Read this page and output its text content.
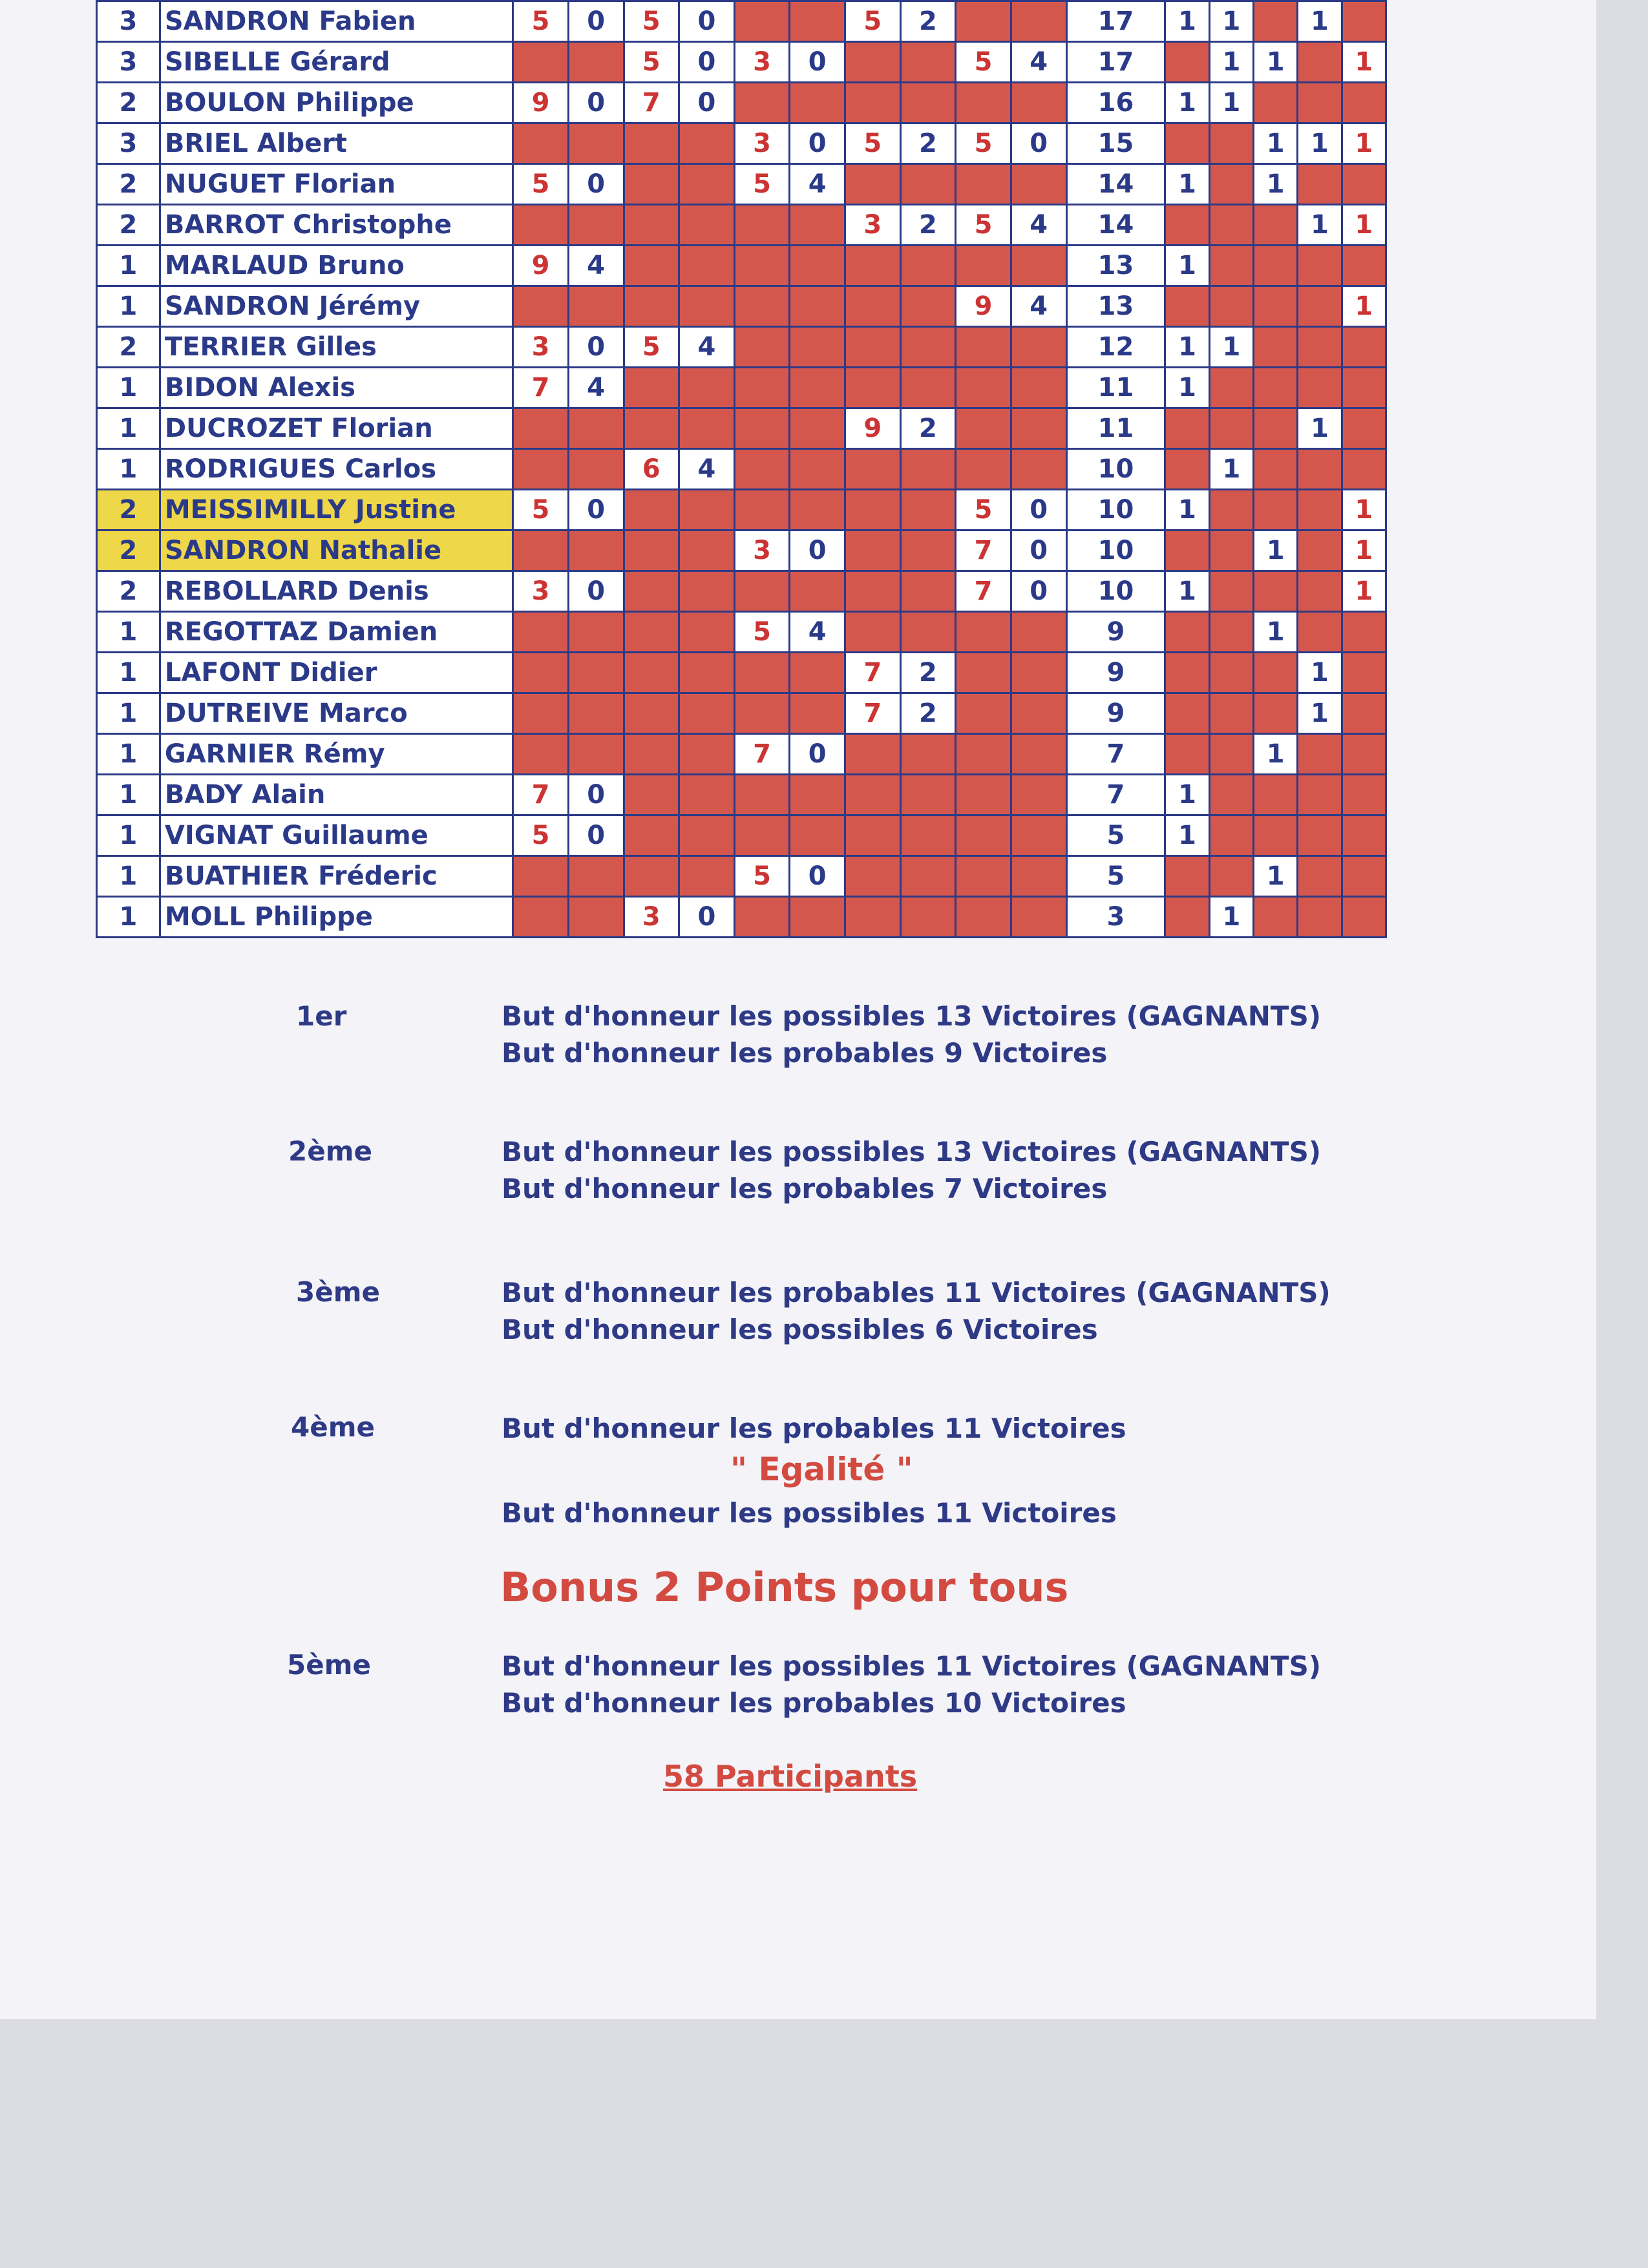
3	SANDRON Fabien	5	0	5	0			5	2			17	1	1		1	
3	SIBELLE Gérard			5	0	3	0			5	4	17		1	1		1
2	BOULON Philippe	9	0	7	0							16	1	1			
3	BRIEL Albert					3	0	5	2	5	0	15			1	1	1
2	NUGUET Florian	5	0			5	4					14	1		1		
2	BARROT Christophe							3	2	5	4	14				1	1
1	MARLAUD Bruno	9	4									13	1				
1	SANDRON Jérémy									9	4	13					1
2	TERRIER Gilles	3	0	5	4							12	1	1			
1	BIDON Alexis	7	4									11	1				
1	DUCROZET Florian							9	2			11				1	
1	RODRIGUES Carlos			6	4							10		1			
2	MEISSIMILLY Justine	5	0							5	0	10	1				1
2	SANDRON Nathalie					3	0			7	0	10			1		1
2	REBOLLARD Denis	3	0							7	0	10	1				1
1	REGOTTAZ Damien					5	4					9			1		
1	LAFONT Didier							7	2			9				1	
1	DUTREIVE Marco							7	2			9				1	
1	GARNIER Rémy					7	0					7			1		
1	BADY Alain	7	0									7	1				
1	VIGNAT Guillaume	5	0									5	1				
1	BUATHIER Fréderic					5	0					5			1		
1	MOLL Philippe			3	0							3		1			
1er	But d'honneur les possibles 13 Victoires (GAGNANTS)
But d'honneur les probables 9 Victoires
2ème	But d'honneur les possibles 13 Victoires (GAGNANTS)
But d'honneur les probables 7 Victoires
3ème	But d'honneur les probables 11 Victoires (GAGNANTS)
But d'honneur les possibles 6 Victoires
4ème	But d'honneur les probables 11 Victoires
" Egalité "
But d'honneur les possibles 11 Victoires
Bonus 2 Points pour tous
5ème	But d'honneur les possibles 11 Victoires (GAGNANTS)
But d'honneur les probables 10 Victoires
58 Participants
